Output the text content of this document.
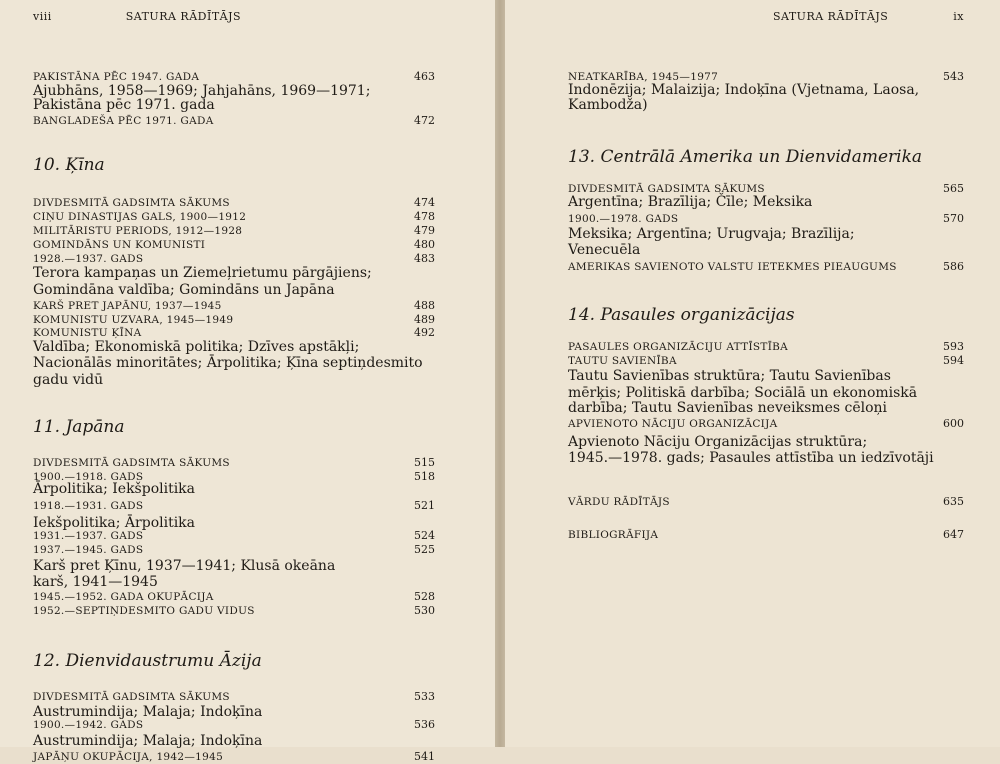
viii	SATURA RĀDĪTĀJS
PAKISTĀNA PĒC 1947. GADA	463
Ajubhāns, 1958—1969; Jahjahāns, 1969—1971;
Pakistāna pēc 1971. gada
BANGLADEŠA PĒC 1971. GADA	472
10. Ķīna
DIVDESMITĀ GADSIMTA SĀKUMS	474
CIŅU DINASTIJAS GALS, 1900—1912	478
MILITĀRISTU PERIODS, 1912—1928	479
GOMINDĀNS UN KOMUNISTI	480
1928.—1937. GADS	483
Terora kampaņas un Ziemeļrietumu pārgājiens;
Gomindāna valdība; Gomindāns un Japāna
KARŠ PRET JAPĀNU, 1937—1945	488
KOMUNISTU UZVARA, 1945—1949	489
KOMUNISTU ĶĪNA	492
Valdība; Ekonomiskā politika; Dzīves apstākļi;
Nacionālās minoritātes; Ārpolitika; Ķīna septiņdesmito
gadu vidū
11. Japāna
DIVDESMITĀ GADSIMTA SĀKUMS	515
1900.—1918. GADS	518
Ārpolitika; Iekšpolitika
1918.—1931. GADS	521
Iekšpolitika; Ārpolitika
1931.—1937. GADS	524
1937.—1945. GADS	525
Karš pret Ķīnu, 1937—1941; Klusā okeāna
karš, 1941—1945
1945.—1952. GADA OKUPĀCIJA	528
1952.—SEPTIŅDESMITO GADU VIDUS	530
12. Dienvidaustrumu Āzija
DIVDESMITĀ GADSIMTA SĀKUMS	533
Austrumindija; Malaja; Indoķīna
1900.—1942. GADS	536
Austrumindija; Malaja; Indoķīna
JAPĀŅU OKUPĀCIJA, 1942—1945	541
SATURA RĀDĪTĀJS	ix
NEATKARĪBA, 1945—1977	543
Indonēzija; Malaizija; Indoķīna (Vjetnama, Laosa,
Kambodža)
13. Centrālā Amerika un Dienvidamerika
DIVDESMITĀ GADSIMTA SĀKUMS	565
Argentīna; Brazīlija; Čīle; Meksika
1900.—1978. GADS	570
Meksika; Argentīna; Urugvaja; Brazīlija;
Venecuēla
AMERIKAS SAVIENOTO VALSTU IETEKMES PIEAUGUMS	586
14. Pasaules organizācijas
PASAULES ORGANIZĀCIJU ATTĪSTĪBA	593
TAUTU SAVIENĪBA	594
Tautu Savienības struktūra; Tautu Savienības
mērķis; Politiskā darbība; Sociālā un ekonomiskā
darbība; Tautu Savienības neveiksmes cēloņi
APVIENOTO NĀCIJU ORGANIZĀCIJA	600
Apvienoto Nāciju Organizācijas struktūra;
1945.—1978. gads; Pasaules attīstība un iedzīvotāji
VĀRDU RĀDĪTĀJS	635
BIBLIOGRĀFIJA	647
